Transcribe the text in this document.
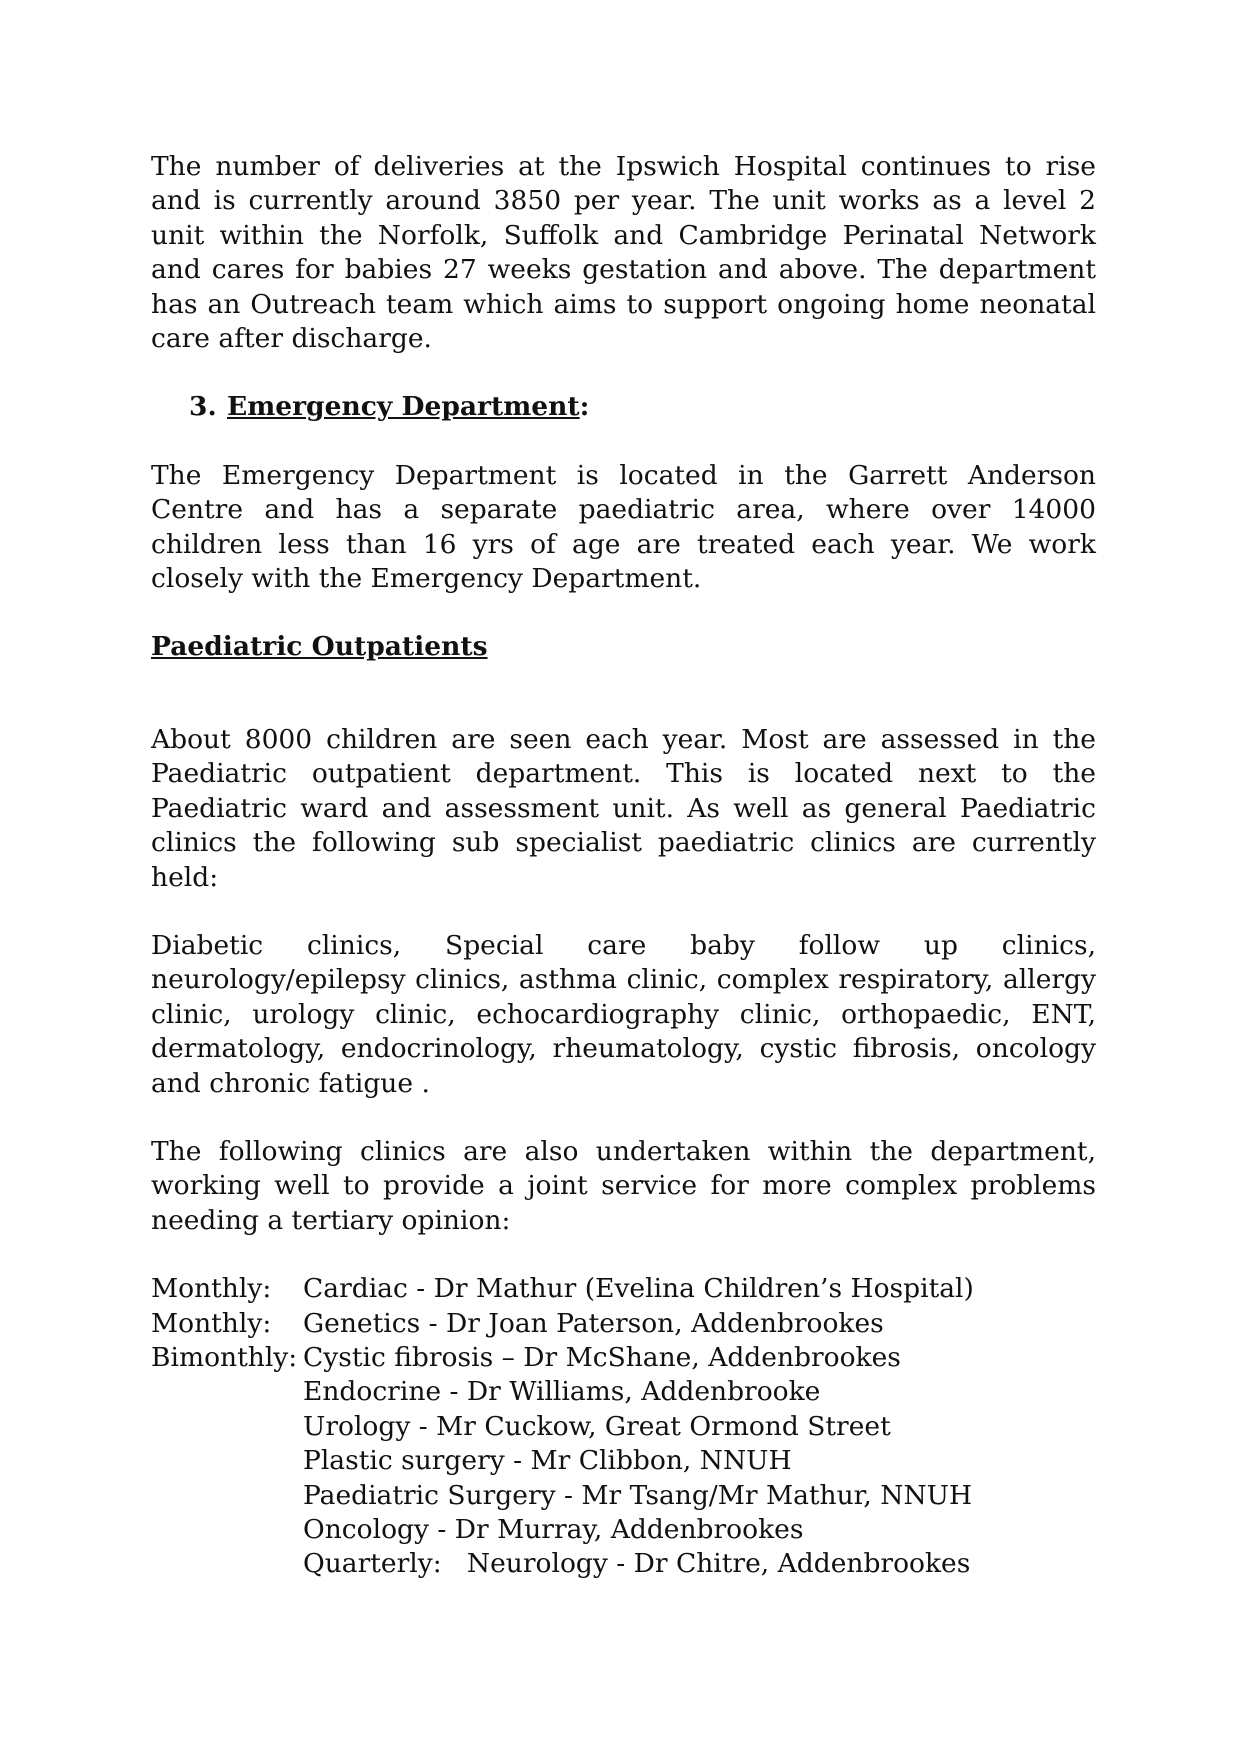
The number of deliveries at the Ipswich Hospital continues to rise and is currently around 3850 per year. The unit works as a level 2 unit within the Norfolk, Suffolk and Cambridge Perinatal Network and cares for babies 27 weeks gestation and above. The department has an Outreach team which aims to support ongoing home neonatal care after discharge.

3. Emergency Department:

The Emergency Department is located in the Garrett Anderson Centre and has a separate paediatric area, where over 14000 children less than 16 yrs of age are treated each year. We work closely with the Emergency Department.

Paediatric Outpatients

About 8000 children are seen each year. Most are assessed in the Paediatric outpatient department. This is located next to the Paediatric ward and assessment unit. As well as general Paediatric clinics the following sub specialist paediatric clinics are currently held:

Diabetic clinics, Special care baby follow up clinics, neurology/epilepsy clinics, asthma clinic, complex respiratory, allergy clinic, urology clinic, echocardiography clinic, orthopaedic, ENT, dermatology, endocrinology, rheumatology, cystic fibrosis, oncology and chronic fatigue .

The following clinics are also undertaken within the department, working well to provide a joint service for more complex problems needing a tertiary opinion:

Monthly:	Cardiac - Dr Mathur (Evelina Children’s Hospital)
Monthly:	Genetics - Dr Joan Paterson, Addenbrookes
Bimonthly:	Cystic fibrosis – Dr McShane, Addenbrookes
	Endocrine - Dr Williams, Addenbrooke
	Urology - Mr Cuckow, Great Ormond Street
	Plastic surgery - Mr Clibbon, NNUH
	Paediatric Surgery - Mr Tsang/Mr Mathur, NNUH
	Oncology - Dr Murray, Addenbrookes
	Quarterly:   Neurology - Dr Chitre, Addenbrookes
